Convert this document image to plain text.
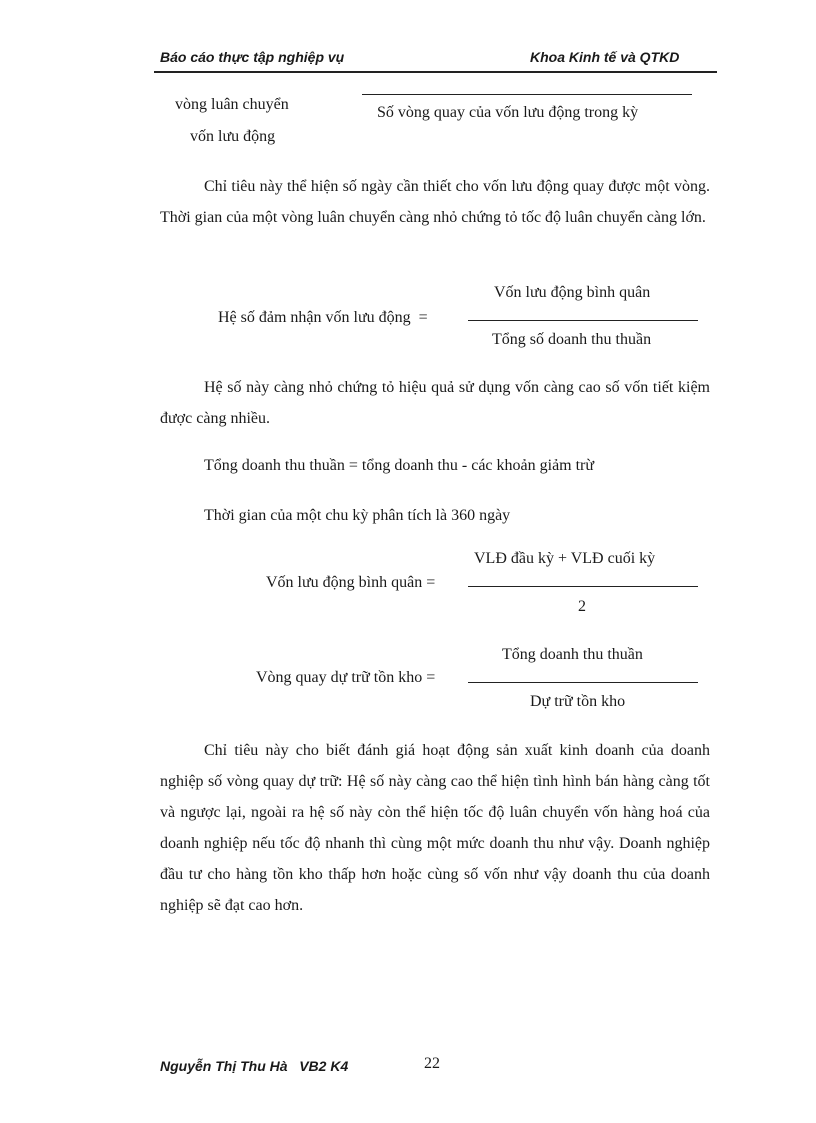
Báo cáo thực tập nghiệp vụ	Khoa Kinh tế và QTKD
vòng luân chuyển
vốn lưu động
Số vòng quay của vốn lưu động trong kỳ

Chỉ tiêu này thể hiện số ngày cần thiết cho vốn lưu động quay được một vòng. Thời gian của một vòng luân chuyển càng nhỏ chứng tỏ tốc độ luân chuyển càng lớn.

Hệ số đảm nhận vốn lưu động =
Vốn lưu động bình quân
Tổng số doanh thu thuần

Hệ số này càng nhỏ chứng tỏ hiệu quả sử dụng vốn càng cao số vốn tiết kiệm được càng nhiều.

Tổng doanh thu thuần = tổng doanh thu - các khoản giảm trừ
Thời gian của một chu kỳ phân tích là 360 ngày
VLĐ đầu kỳ + VLĐ cuối kỳ
Vốn lưu động bình quân =
2
Tổng doanh thu thuần
Vòng quay dự trữ tồn kho =
Dự trữ tồn kho

Chỉ tiêu này cho biết đánh giá hoạt động sản xuất kinh doanh của doanh nghiệp số vòng quay dự trữ: Hệ số này càng cao thể hiện tình hình bán hàng càng tốt và ngược lại, ngoài ra hệ số này còn thể hiện tốc độ luân chuyển vốn hàng hoá của doanh nghiệp nếu tốc độ nhanh thì cùng một mức doanh thu như vậy. Doanh nghiệp đầu tư cho hàng tồn kho thấp hơn hoặc cùng số vốn như vậy doanh thu của doanh nghiệp sẽ đạt cao hơn.

Nguyễn Thị Thu Hà   VB2 K4	22
